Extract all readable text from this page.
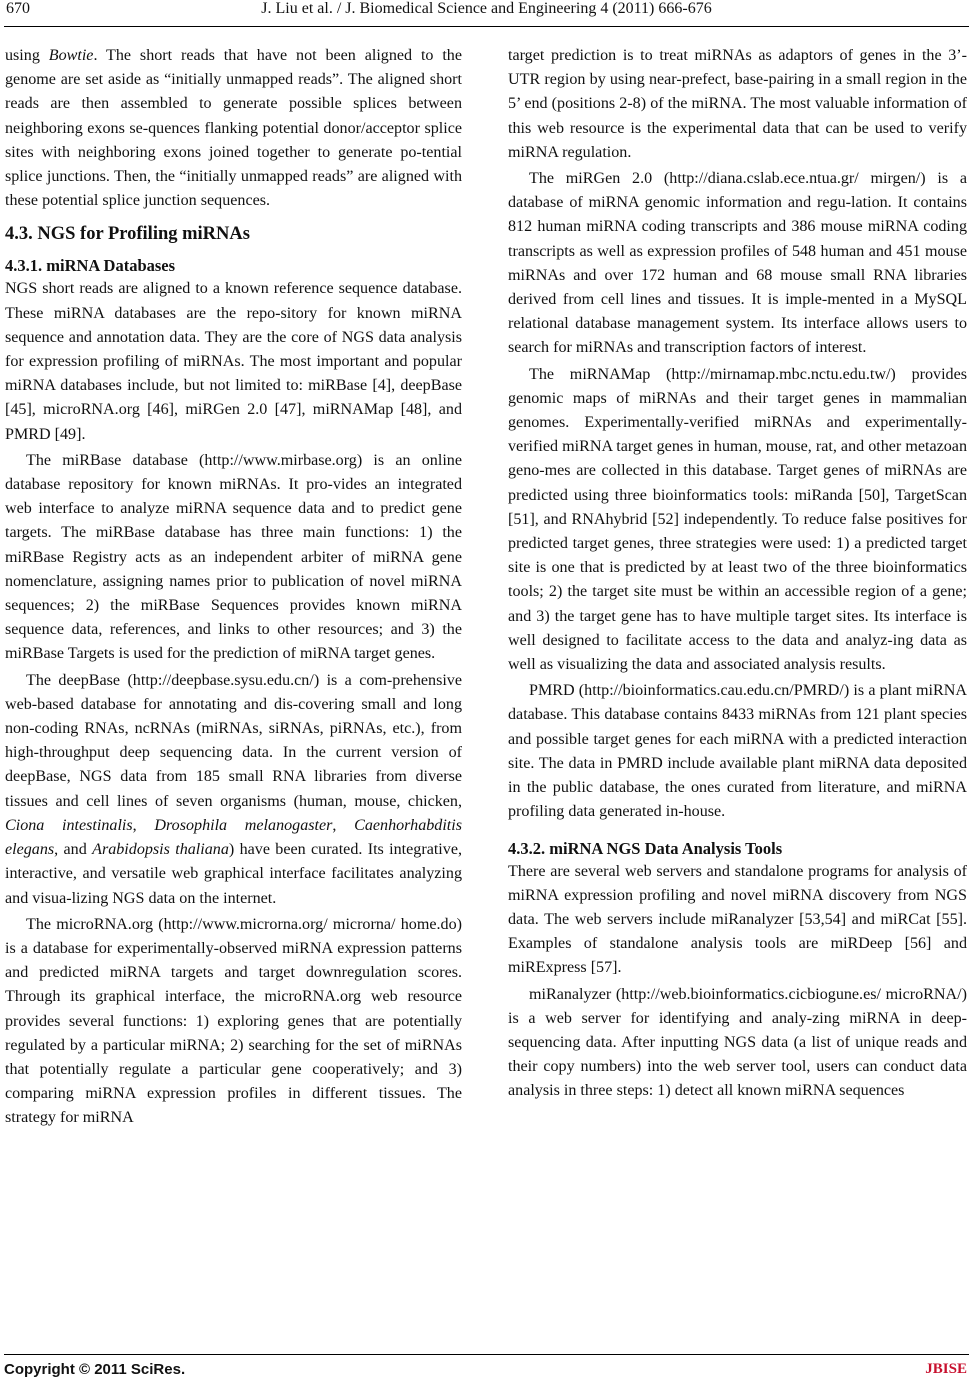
670	J. Liu et al. / J. Biomedical Science and Engineering 4 (2011) 666-676

using Bowtie. The short reads that have not been aligned to the genome are set aside as “initially unmapped reads”. The aligned short reads are then assembled to generate possible splices between neighboring exons se-quences flanking potential donor/acceptor splice sites with neighboring exons joined together to generate po-tential splice junctions. Then, the “initially unmapped reads” are aligned with these potential splice junction sequences.

4.3. NGS for Profiling miRNAs
4.3.1. miRNA Databases

NGS short reads are aligned to a known reference sequence database. These miRNA databases are the repo-sitory for known miRNA sequence and annotation data. They are the core of NGS data analysis for expression profiling of miRNAs. The most important and popular miRNA databases include, but not limited to: miRBase [4], deepBase [45], microRNA.org [46], miRGen 2.0 [47], miRNAMap [48], and PMRD [49].

The miRBase database (http://www.mirbase.org) is an online database repository for known miRNAs. It pro-vides an integrated web interface to analyze miRNA sequence data and to predict gene targets. The miRBase database has three main functions: 1) the miRBase Registry acts as an independent arbiter of miRNA gene nomenclature, assigning names prior to publication of novel miRNA sequences; 2) the miRBase Sequences provides known miRNA sequence data, references, and links to other resources; and 3) the miRBase Targets is used for the prediction of miRNA target genes.

The deepBase (http://deepbase.sysu.edu.cn/) is a com-prehensive web-based database for annotating and dis-covering small and long non-coding RNAs, ncRNAs (miRNAs, siRNAs, piRNAs, etc.), from high-throughput deep sequencing data. In the current version of deepBase, NGS data from 185 small RNA libraries from diverse tissues and cell lines of seven organisms (human, mouse, chicken, Ciona intestinalis, Drosophila melanogaster, Caenhorhabditis elegans, and Arabidopsis thaliana) have been curated. Its integrative, interactive, and versatile web graphical interface facilitates analyzing and visua-lizing NGS data on the internet.

The microRNA.org (http://www.microrna.org/ microrna/ home.do) is a database for experimentally-observed miRNA expression patterns and predicted miRNA targets and target downregulation scores. Through its graphical interface, the microRNA.org web resource provides several functions: 1) exploring genes that are potentially regulated by a particular miRNA; 2) searching for the set of miRNAs that potentially regulate a particular gene cooperatively; and 3) comparing miRNA expression profiles in different tissues. The strategy for miRNA

target prediction is to treat miRNAs as adaptors of genes in the 3’-UTR region by using near-prefect, base-pairing in a small region in the 5’ end (positions 2-8) of the miRNA. The most valuable information of this web resource is the experimental data that can be used to verify miRNA regulation.

The miRGen 2.0 (http://diana.cslab.ece.ntua.gr/ mirgen/) is a database of miRNA genomic information and regu-lation. It contains 812 human miRNA coding transcripts and 386 mouse miRNA coding transcripts as well as expression profiles of 548 human and 451 mouse miRNAs and over 172 human and 68 mouse small RNA libraries derived from cell lines and tissues. It is imple-mented in a MySQL relational database management system. Its interface allows users to search for miRNAs and transcription factors of interest.

The miRNAMap (http://mirnamap.mbc.nctu.edu.tw/) provides genomic maps of miRNAs and their target genes in mammalian genomes. Experimentally-verified miRNAs and experimentally-verified miRNA target genes in human, mouse, rat, and other metazoan geno-mes are collected in this database. Target genes of miRNAs are predicted using three bioinformatics tools: miRanda [50], TargetScan [51], and RNAhybrid [52] independently. To reduce false positives for predicted target genes, three strategies were used: 1) a predicted target site is one that is predicted by at least two of the three bioinformatics tools; 2) the target site must be within an accessible region of a gene; and 3) the target gene has to have multiple target sites. Its interface is well designed to facilitate access to the data and analyz-ing data as well as visualizing the data and associated analysis results.

PMRD (http://bioinformatics.cau.edu.cn/PMRD/) is a plant miRNA database. This database contains 8433 miRNAs from 121 plant species and possible target genes for each miRNA with a predicted interaction site. The data in PMRD include available plant miRNA data deposited in the public database, the ones curated from literature, and miRNA profiling data generated in-house.

4.3.2. miRNA NGS Data Analysis Tools

There are several web servers and standalone programs for analysis of miRNA expression profiling and novel miRNA discovery from NGS data. The web servers include miRanalyzer [53,54] and miRCat [55]. Examples of standalone analysis tools are miRDeep [56] and miRExpress [57].

miRanalyzer (http://web.bioinformatics.cicbiogune.es/ microRNA/) is a web server for identifying and analy-zing miRNA in deep-sequencing data. After inputting NGS data (a list of unique reads and their copy numbers) into the web server tool, users can conduct data analysis in three steps: 1) detect all known miRNA sequences

Copyright © 2011 SciRes.	JBISE
